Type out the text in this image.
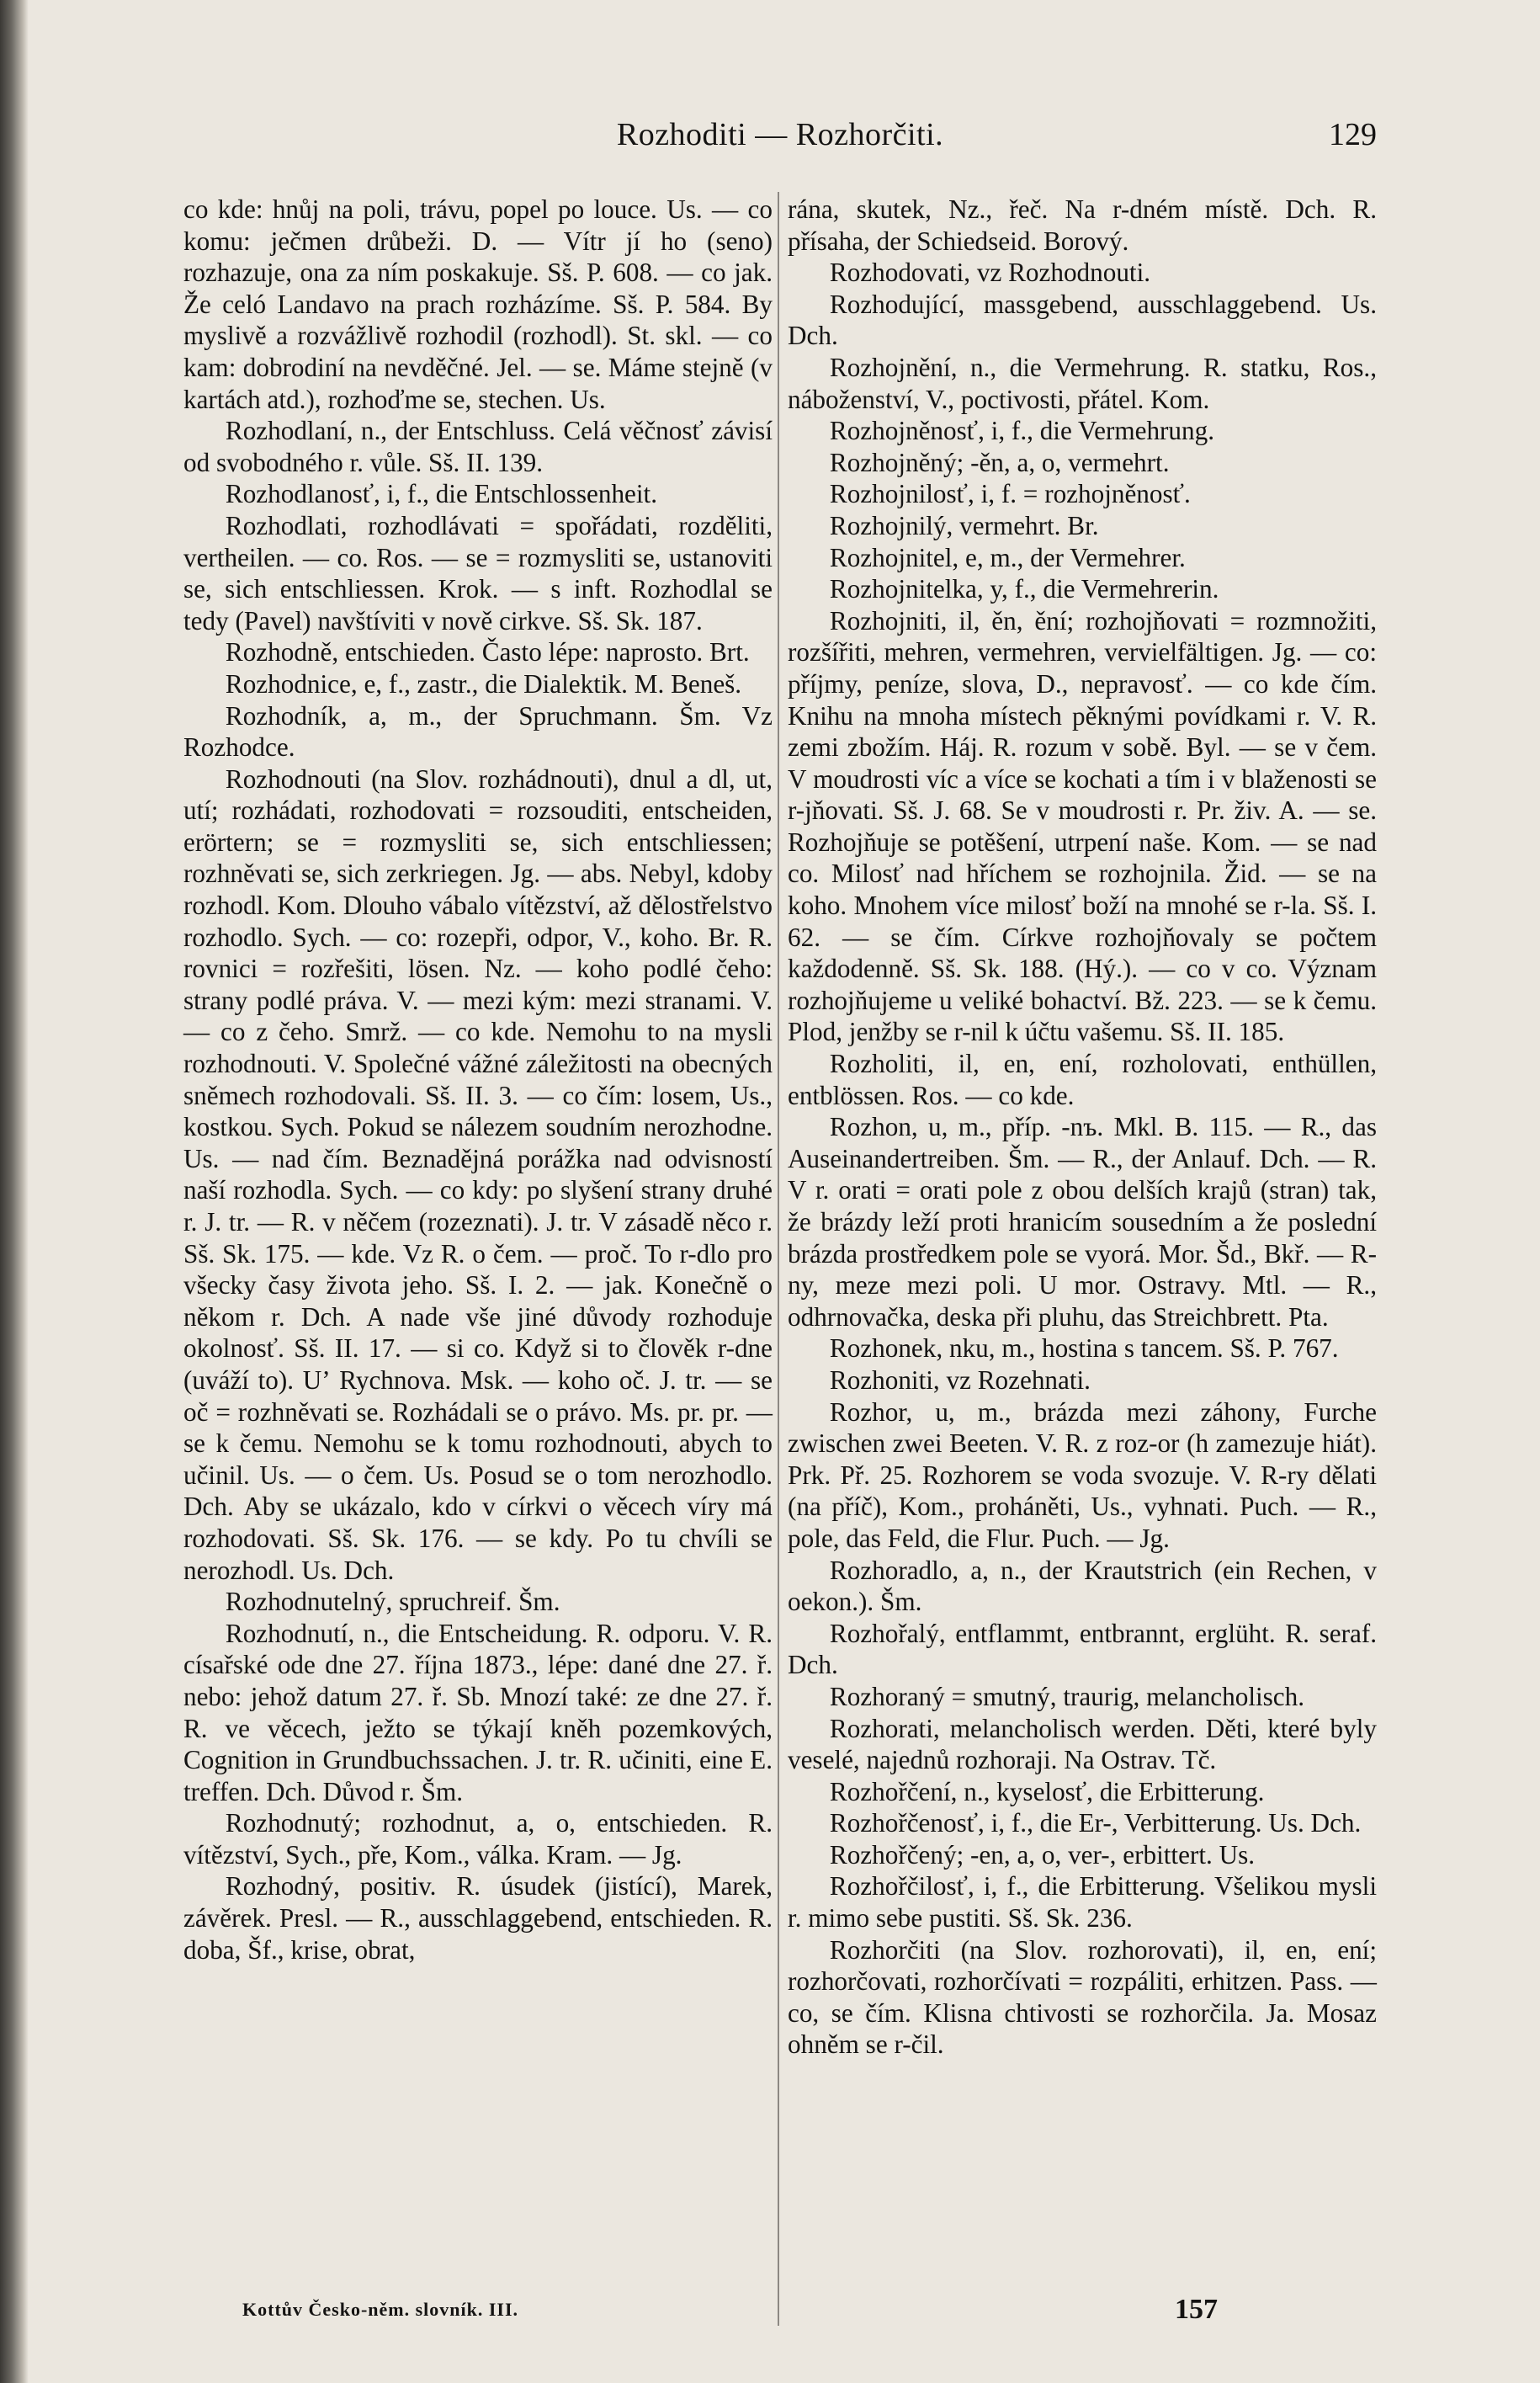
Rozhoditi — Rozhorčiti.	129

co kde: hnůj na poli, trávu, popel po louce. Us. — co komu: ječmen drůbeži. D. — Vítr jí ho (seno) rozhazuje, ona za ním poskakuje. Sš. P. 608. — co jak. Že celó Landavo na prach rozházíme. Sš. P. 584. By myslivě a rozvážlivě rozhodil (rozhodl). St. skl. — co kam: dobrodiní na nevděčné. Jel. — se. Máme stejně (v kartách atd.), rozhoďme se, stechen. Us.

Rozhodlaní, n., der Entschluss. Celá věčnosť závisí od svobodného r. vůle. Sš. II. 139.

Rozhodlanosť, i, f., die Entschlossenheit.

Rozhodlati, rozhodlávati = spořádati, rozděliti, vertheilen. — co. Ros. — se = rozmysliti se, ustanoviti se, sich entschliessen. Krok. — s inft. Rozhodlal se tedy (Pavel) navštíviti v nově cirkve. Sš. Sk. 187.

Rozhodně, entschieden. Často lépe: naprosto. Brt.

Rozhodnice, e, f., zastr., die Dialektik. M. Beneš.

Rozhodník, a, m., der Spruchmann. Šm. Vz Rozhodce.

Rozhodnouti (na Slov. rozhádnouti), dnul a dl, ut, utí; rozhádati, rozhodovati = rozsouditi, entscheiden, erörtern; se = rozmysliti se, sich entschliessen; rozhněvati se, sich zerkriegen. Jg. — abs. Nebyl, kdoby rozhodl. Kom. Dlouho vábalo vítězství, až dělostřelstvo rozhodlo. Sych. — co: rozepři, odpor, V., koho. Br. R. rovnici = rozřešiti, lösen. Nz. — koho podlé čeho: strany podlé práva. V. — mezi kým: mezi stranami. V. — co z čeho. Smrž. — co kde. Nemohu to na mysli rozhodnouti. V. Společné vážné záležitosti na obecných sněmech rozhodovali. Sš. II. 3. — co čím: losem, Us., kostkou. Sych. Pokud se nálezem soudním nerozhodne. Us. — nad čím. Beznadějná porážka nad odvisností naší rozhodla. Sych. — co kdy: po slyšení strany druhé r. J. tr. — R. v něčem (rozeznati). J. tr. V zásadě něco r. Sš. Sk. 175. — kde. Vz R. o čem. — proč. To r-dlo pro všecky časy života jeho. Sš. I. 2. — jak. Konečně o někom r. Dch. A nade vše jiné důvody rozhoduje okolnosť. Sš. II. 17. — si co. Když si to člověk r-dne (uváží to). Uʼ Rychnova. Msk. — koho oč. J. tr. — se oč = rozhněvati se. Rozhádali se o právo. Ms. pr. pr. — se k čemu. Nemohu se k tomu rozhodnouti, abych to učinil. Us. — o čem. Us. Posud se o tom nerozhodlo. Dch. Aby se ukázalo, kdo v církvi o věcech víry má rozhodovati. Sš. Sk. 176. — se kdy. Po tu chvíli se nerozhodl. Us. Dch.

Rozhodnutelný, spruchreif. Šm.

Rozhodnutí, n., die Entscheidung. R. odporu. V. R. císařské ode dne 27. října 1873., lépe: dané dne 27. ř. nebo: jehož datum 27. ř. Sb. Mnozí také: ze dne 27. ř. R. ve věcech, ježto se týkají kněh pozemkových, Cognition in Grundbuchssachen. J. tr. R. učiniti, eine E. treffen. Dch. Důvod r. Šm.

Rozhodnutý; rozhodnut, a, o, entschieden. R. vítězství, Sych., pře, Kom., válka. Kram. — Jg.

Rozhodný, positiv. R. úsudek (jistící), Marek, závěrek. Presl. — R., ausschlaggebend, entschieden. R. doba, Šf., krise, obrat,

rána, skutek, Nz., řeč. Na r-dném místě. Dch. R. přísaha, der Schiedseid. Borový.

Rozhodovati, vz Rozhodnouti.

Rozhodující, massgebend, ausschlaggebend. Us. Dch.

Rozhojnění, n., die Vermehrung. R. statku, Ros., náboženství, V., poctivosti, přátel. Kom.

Rozhojněnosť, i, f., die Vermehrung.

Rozhojněný; -ěn, a, o, vermehrt.

Rozhojnilosť, i, f. = rozhojněnosť.

Rozhojnilý, vermehrt. Br.

Rozhojnitel, e, m., der Vermehrer.

Rozhojnitelka, y, f., die Vermehrerin.

Rozhojniti, il, ěn, ění; rozhojňovati = rozmnožiti, rozšířiti, mehren, vermehren, vervielfältigen. Jg. — co: příjmy, peníze, slova, D., nepravosť. — co kde čím. Knihu na mnoha místech pěknými povídkami r. V. R. zemi zbožím. Háj. R. rozum v sobě. Byl. — se v čem. V moudrosti víc a více se kochati a tím i v blaženosti se r-jňovati. Sš. J. 68. Se v moudrosti r. Pr. živ. A. — se. Rozhojňuje se potěšení, utrpení naše. Kom. — se nad co. Milosť nad hříchem se rozhojnila. Žid. — se na koho. Mnohem více milosť boží na mnohé se r-la. Sš. I. 62. — se čím. Církve rozhojňovaly se počtem každodenně. Sš. Sk. 188. (Hý.). — co v co. Význam rozhojňujeme u veliké bohactví. Bž. 223. — se k čemu. Plod, jenžby se r-nil k účtu vašemu. Sš. II. 185.

Rozholiti, il, en, ení, rozholovati, enthüllen, entblössen. Ros. — co kde.

Rozhon, u, m., příp. -nъ. Mkl. B. 115. — R., das Auseinandertreiben. Šm. — R., der Anlauf. Dch. — R. V r. orati = orati pole z obou delších krajů (stran) tak, že brázdy leží proti hranicím sousedním a že poslední brázda prostředkem pole se vyorá. Mor. Šd., Bkř. — R-ny, meze mezi poli. U mor. Ostravy. Mtl. — R., odhrnovačka, deska při pluhu, das Streichbrett. Pta.

Rozhonek, nku, m., hostina s tancem. Sš. P. 767.

Rozhoniti, vz Rozehnati.

Rozhor, u, m., brázda mezi záhony, Furche zwischen zwei Beeten. V. R. z roz-or (h zamezuje hiát). Prk. Př. 25. Rozhorem se voda svozuje. V. R-ry dělati (na příč), Kom., proháněti, Us., vyhnati. Puch. — R., pole, das Feld, die Flur. Puch. — Jg.

Rozhoradlo, a, n., der Krautstrich (ein Rechen, v oekon.). Šm.

Rozhořalý, entflammt, entbrannt, erglüht. R. seraf. Dch.

Rozhoraný = smutný, traurig, melancholisch.

Rozhorati, melancholisch werden. Děti, které byly veselé, najednů rozhoraji. Na Ostrav. Tč.

Rozhořčení, n., kyselosť, die Erbitterung.

Rozhořčenosť, i, f., die Er-, Verbitterung. Us. Dch.

Rozhořčený; -en, a, o, ver-, erbittert. Us.

Rozhořčilosť, i, f., die Erbitterung. Všelikou mysli r. mimo sebe pustiti. Sš. Sk. 236.

Rozhorčiti (na Slov. rozhorovati), il, en, ení; rozhorčovati, rozhorčívati = rozpáliti, erhitzen. Pass. — co, se čím. Klisna chtivosti se rozhorčila. Ja. Mosaz ohněm se r-čil.

Kottův Česko-něm. slovník. III.	157
